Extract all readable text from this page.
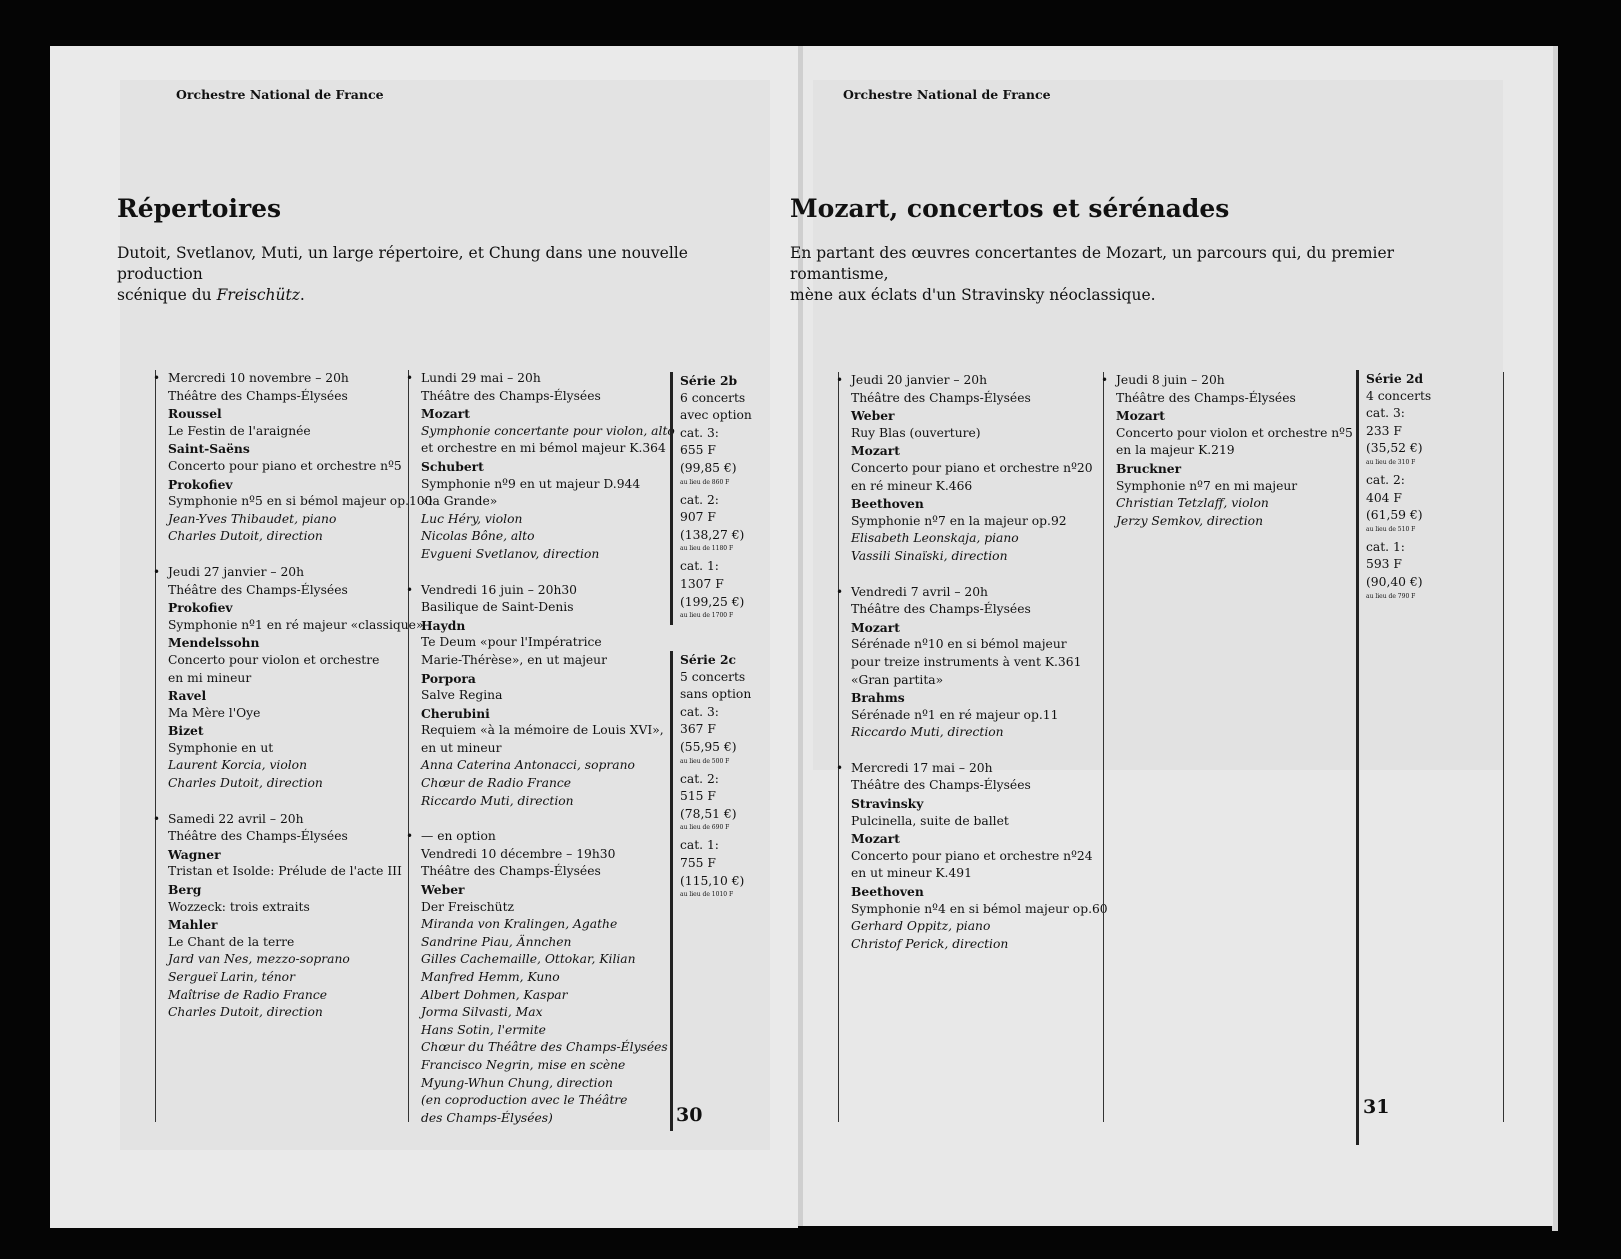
Orchestre National de France
Répertoires
Dutoit, Svetlanov, Muti, un large répertoire, et Chung dans une nouvelle production
scénique du Freischütz.
• Mercredi 10 novembre – 20h
Théâtre des Champs-Élysées
Roussel
Le Festin de l'araignée
Saint-Saëns
Concerto pour piano et orchestre nº5
Prokofiev
Symphonie nº5 en si bémol majeur op.100
Jean-Yves Thibaudet, piano
Charles Dutoit, direction
• Jeudi 27 janvier – 20h
Théâtre des Champs-Élysées
Prokofiev
Symphonie nº1 en ré majeur «classique»
Mendelssohn
Concerto pour violon et orchestre
en mi mineur
Ravel
Ma Mère l'Oye
Bizet
Symphonie en ut
Laurent Korcia, violon
Charles Dutoit, direction
• Samedi 22 avril – 20h
Théâtre des Champs-Élysées
Wagner
Tristan et Isolde: Prélude de l'acte III
Berg
Wozzeck: trois extraits
Mahler
Le Chant de la terre
Jard van Nes, mezzo-soprano
Sergueï Larin, ténor
Maîtrise de Radio France
Charles Dutoit, direction
• Lundi 29 mai – 20h
Théâtre des Champs-Élysées
Mozart
Symphonie concertante pour violon, alto
et orchestre en mi bémol majeur K.364
Schubert
Symphonie nº9 en ut majeur D.944
«la Grande»
Luc Héry, violon
Nicolas Bône, alto
Evgueni Svetlanov, direction
• Vendredi 16 juin – 20h30
Basilique de Saint-Denis
Haydn
Te Deum «pour l'Impératrice
Marie-Thérèse», en ut majeur
Porpora
Salve Regina
Cherubini
Requiem «à la mémoire de Louis XVI»,
en ut mineur
Anna Caterina Antonacci, soprano
Chœur de Radio France
Riccardo Muti, direction
• — en option
Vendredi 10 décembre – 19h30
Théâtre des Champs-Élysées
Weber
Der Freischütz
Miranda von Kralingen, Agathe
Sandrine Piau, Ännchen
Gilles Cachemaille, Ottokar, Kilian
Manfred Hemm, Kuno
Albert Dohmen, Kaspar
Jorma Silvasti, Max
Hans Sotin, l'ermite
Chœur du Théâtre des Champs-Élysées
Francisco Negrin, mise en scène
Myung-Whun Chung, direction
(en coproduction avec le Théâtre
des Champs-Élysées)
Série 2b
6 concerts
avec option
cat. 3:
655 F
(99,85 €)
au lieu de 860 F
cat. 2:
907 F
(138,27 €)
au lieu de 1180 F
cat. 1:
1307 F
(199,25 €)
au lieu de 1700 F
Série 2c
5 concerts
sans option
cat. 3:
367 F
(55,95 €)
au lieu de 500 F
cat. 2:
515 F
(78,51 €)
au lieu de 690 F
cat. 1:
755 F
(115,10 €)
au lieu de 1010 F
30
Orchestre National de France
Mozart, concertos et sérénades
En partant des œuvres concertantes de Mozart, un parcours qui, du premier romantisme,
mène aux éclats d'un Stravinsky néoclassique.
• Jeudi 20 janvier – 20h
Théâtre des Champs-Élysées
Weber
Ruy Blas (ouverture)
Mozart
Concerto pour piano et orchestre nº20
en ré mineur K.466
Beethoven
Symphonie nº7 en la majeur op.92
Elisabeth Leonskaja, piano
Vassili Sinaïski, direction
• Vendredi 7 avril – 20h
Théâtre des Champs-Élysées
Mozart
Sérénade nº10 en si bémol majeur
pour treize instruments à vent K.361
«Gran partita»
Brahms
Sérénade nº1 en ré majeur op.11
Riccardo Muti, direction
• Mercredi 17 mai – 20h
Théâtre des Champs-Élysées
Stravinsky
Pulcinella, suite de ballet
Mozart
Concerto pour piano et orchestre nº24
en ut mineur K.491
Beethoven
Symphonie nº4 en si bémol majeur op.60
Gerhard Oppitz, piano
Christof Perick, direction
• Jeudi 8 juin – 20h
Théâtre des Champs-Élysées
Mozart
Concerto pour violon et orchestre nº5
en la majeur K.219
Bruckner
Symphonie nº7 en mi majeur
Christian Tetzlaff, violon
Jerzy Semkov, direction
Série 2d
4 concerts
cat. 3:
233 F
(35,52 €)
au lieu de 310 F
cat. 2:
404 F
(61,59 €)
au lieu de 510 F
cat. 1:
593 F
(90,40 €)
au lieu de 790 F
31
